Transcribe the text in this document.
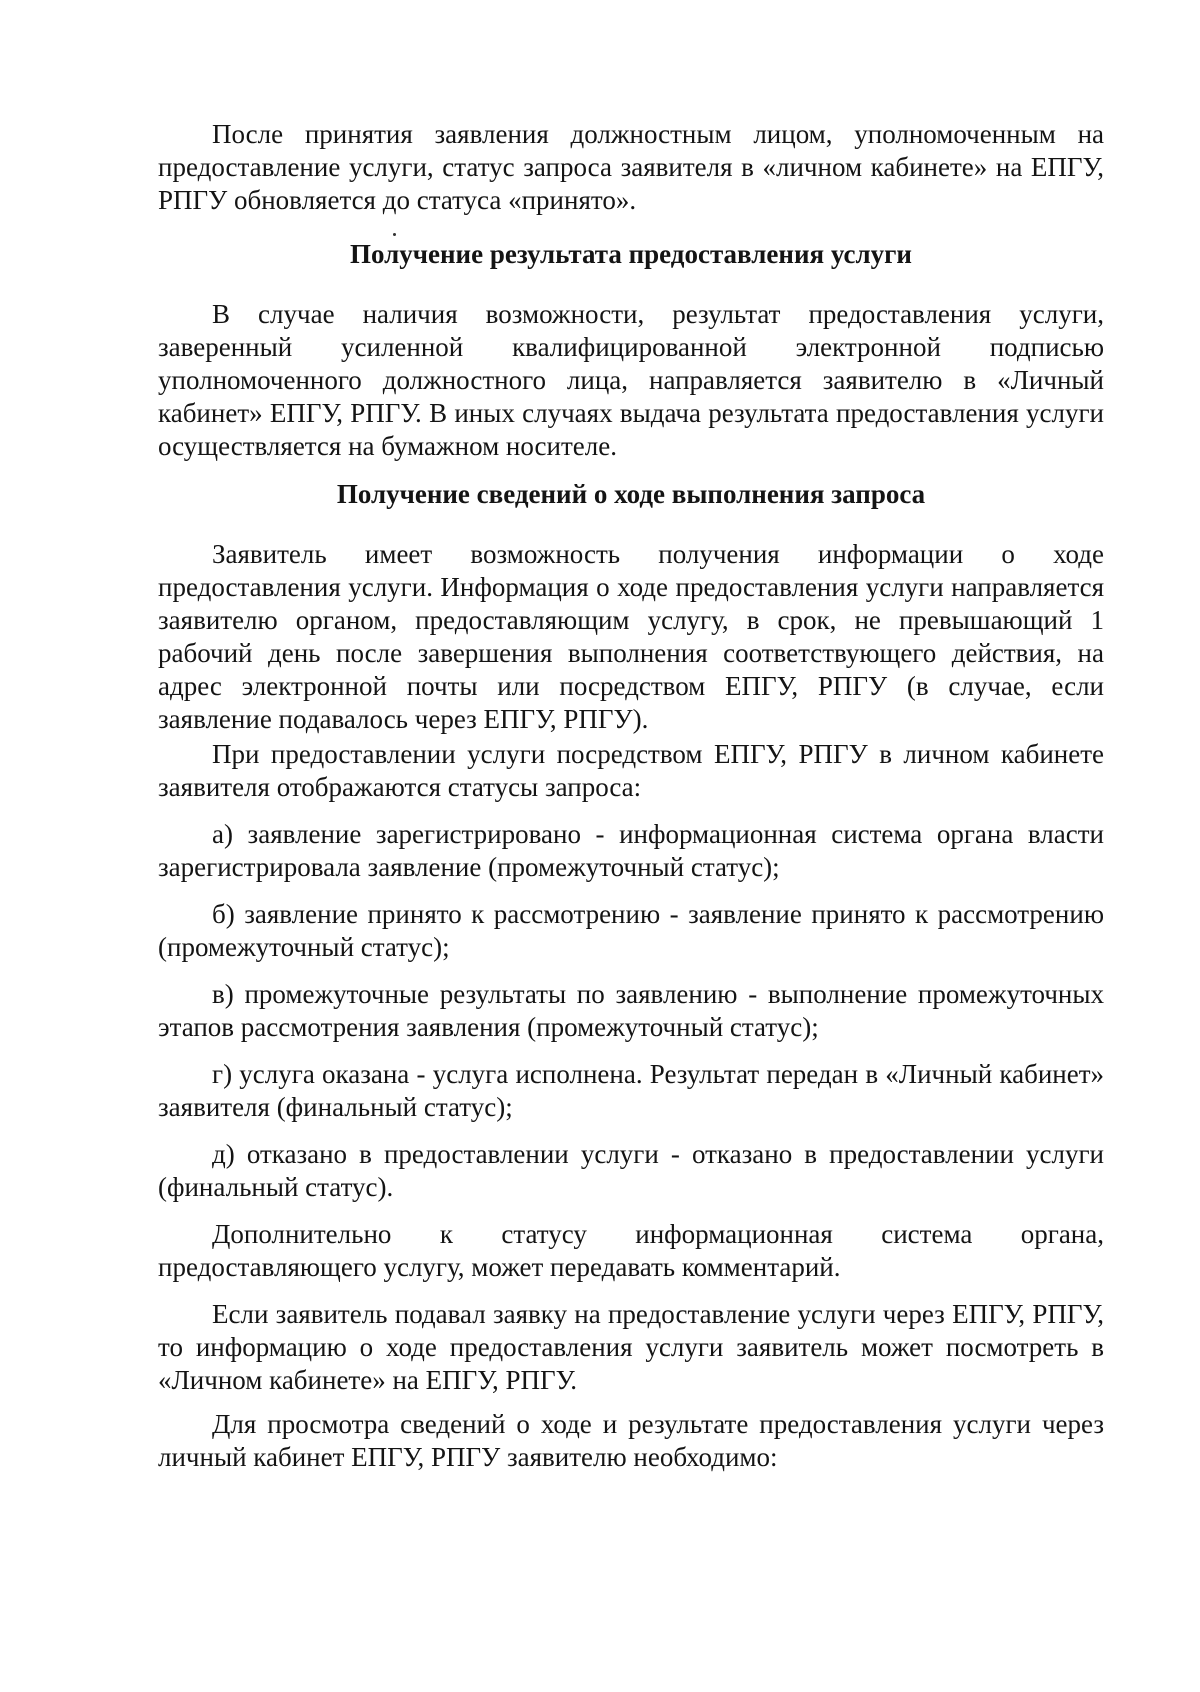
После принятия заявления должностным лицом, уполномоченным на предоставление услуги, статус запроса заявителя в «личном кабинете» на ЕПГУ, РПГУ обновляется до статуса «принято».

Получение результата предоставления услуги

В случае наличия возможности, результат предоставления услуги, заверенный усиленной квалифицированной электронной подписью уполномоченного должностного лица, направляется заявителю в «Личный кабинет» ЕПГУ, РПГУ. В иных случаях выдача результата предоставления услуги осуществляется на бумажном носителе.

Получение сведений о ходе выполнения запроса

Заявитель имеет возможность получения информации о ходе предоставления услуги. Информация о ходе предоставления услуги направляется заявителю органом, предоставляющим услугу, в срок, не превышающий 1 рабочий день после завершения выполнения соответствующего действия, на адрес электронной почты или посредством ЕПГУ, РПГУ (в случае, если заявление подавалось через ЕПГУ, РПГУ).

При предоставлении услуги посредством ЕПГУ, РПГУ в личном кабинете заявителя отображаются статусы запроса:

а) заявление зарегистрировано - информационная система органа власти зарегистрировала заявление (промежуточный статус);

б) заявление принято к рассмотрению - заявление принято к рассмотрению (промежуточный статус);

в) промежуточные результаты по заявлению - выполнение промежуточных этапов рассмотрения заявления (промежуточный статус);

г) услуга оказана - услуга исполнена. Результат передан в «Личный кабинет» заявителя (финальный статус);

д) отказано в предоставлении услуги - отказано в предоставлении услуги (финальный статус).

Дополнительно к статусу информационная система органа, предоставляющего услугу, может передавать комментарий.

Если заявитель подавал заявку на предоставление услуги через ЕПГУ, РПГУ, то информацию о ходе предоставления услуги заявитель может посмотреть в «Личном кабинете» на ЕПГУ, РПГУ.

Для просмотра сведений о ходе и результате предоставления услуги через личный кабинет ЕПГУ, РПГУ заявителю необходимо:
